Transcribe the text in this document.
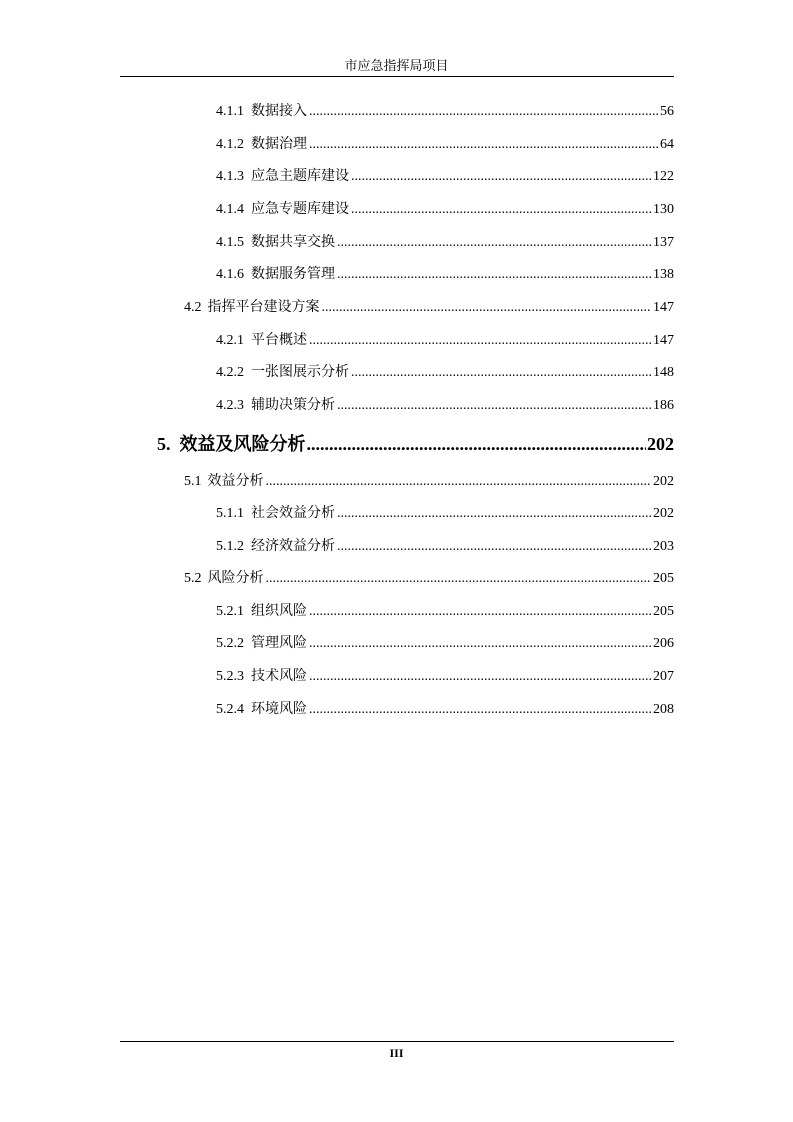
市应急指挥局项目
4.1.1 数据接入 .....	56
4.1.2 数据治理 .....	64
4.1.3 应急主题库建设 .....	122
4.1.4 应急专题库建设 .....	130
4.1.5 数据共享交换 .....	137
4.1.6 数据服务管理 .....	138
4.2 指挥平台建设方案 .....	147
4.2.1 平台概述 .....	147
4.2.2 一张图展示分析 .....	148
4.2.3 辅助决策分析 .....	186
5. 效益及风险分析 .....	202
5.1 效益分析 .....	202
5.1.1 社会效益分析 .....	202
5.1.2 经济效益分析 .....	203
5.2 风险分析 .....	205
5.2.1 组织风险 .....	205
5.2.2 管理风险 .....	206
5.2.3 技术风险 .....	207
5.2.4 环境风险 .....	208
III
